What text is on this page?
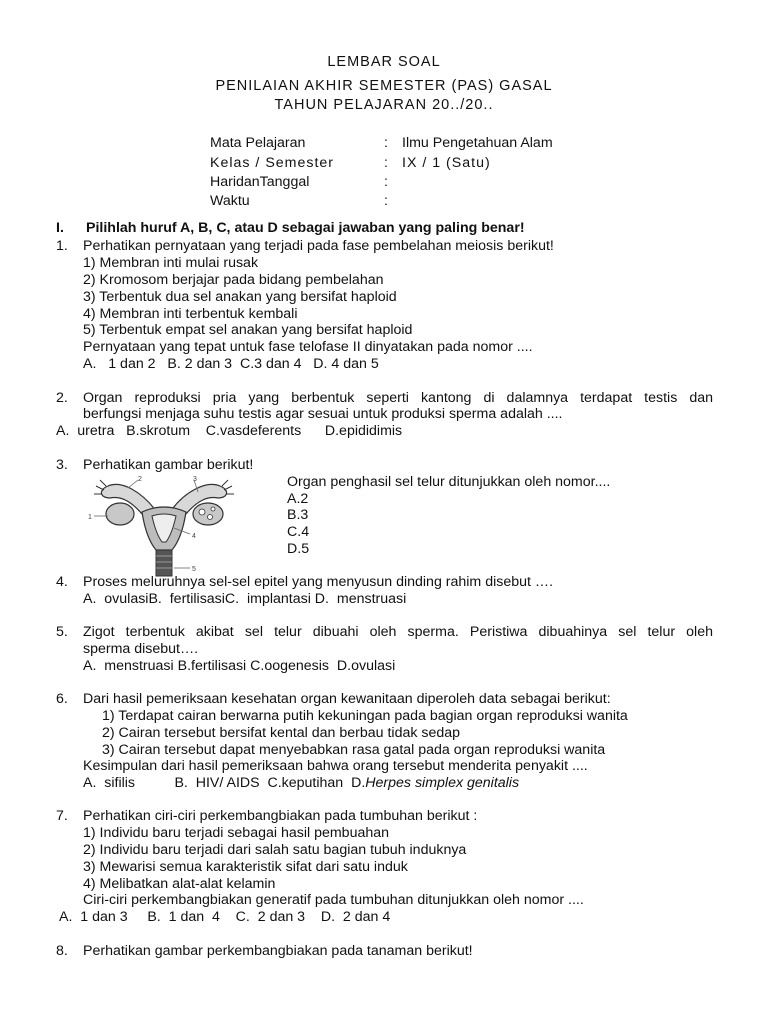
LEMBAR SOAL
PENILAIAN AKHIR SEMESTER (PAS) GASAL
TAHUN PELAJARAN 20../20..
Mata Pelajaran	: Ilmu Pengetahuan Alam
Kelas / Semester	: IX / 1 (Satu)
HaridanTanggal	:
Waktu	:
I. Pilihlah huruf A, B, C, atau D sebagai jawaban yang paling benar!
1. Perhatikan pernyataan yang terjadi pada fase pembelahan meiosis berikut!
1) Membran inti mulai rusak
2) Kromosom berjajar pada bidang pembelahan
3) Terbentuk dua sel anakan yang bersifat haploid
4) Membran inti terbentuk kembali
5) Terbentuk empat sel anakan yang bersifat haploid
Pernyataan yang tepat untuk fase telofase II dinyatakan pada nomor ....
A.   1 dan 2   B. 2 dan 3  C.3 dan 4   D. 4 dan 5
2. Organ reproduksi pria yang berbentuk seperti kantong di dalamnya terdapat testis dan
berfungsi menjaga suhu testis agar sesuai untuk produksi sperma adalah ....
A.  uretra   B.skrotum    C.vasdeferents      D.epididimis
3. Perhatikan gambar berikut!
Organ penghasil sel telur ditunjukkan oleh nomor....
A.2
B.3
C.4
D.5
1
2	3
4
5
4. Proses meluruhnya sel-sel epitel yang menyusun dinding rahim disebut ….
A.  ovulasiB.  fertilisasiC.  implantasi D.  menstruasi
5. Zigot terbentuk akibat sel telur dibuahi oleh sperma. Peristiwa dibuahinya sel telur oleh
sperma disebut….
A.  menstruasi B.fertilisasi C.oogenesis  D.ovulasi
6. Dari hasil pemeriksaan kesehatan organ kewanitaan diperoleh data sebagai berikut:
1) Terdapat cairan berwarna putih kekuningan pada bagian organ reproduksi wanita
2) Cairan tersebut bersifat kental dan berbau tidak sedap
3) Cairan tersebut dapat menyebabkan rasa gatal pada organ reproduksi wanita
Kesimpulan dari hasil pemeriksaan bahwa orang tersebut menderita penyakit ....
A.  sifilis          B.  HIV/ AIDS  C.keputihan  D.Herpes simplex genitalis
7. Perhatikan ciri-ciri perkembangbiakan pada tumbuhan berikut :
1) Individu baru terjadi sebagai hasil pembuahan
2) Individu baru terjadi dari salah satu bagian tubuh induknya
3) Mewarisi semua karakteristik sifat dari satu induk
4) Melibatkan alat-alat kelamin
Ciri-ciri perkembangbiakan generatif pada tumbuhan ditunjukkan oleh nomor ....
A.  1 dan 3     B.  1 dan  4    C.  2 dan 3    D.  2 dan 4
8. Perhatikan gambar perkembangbiakan pada tanaman berikut!
